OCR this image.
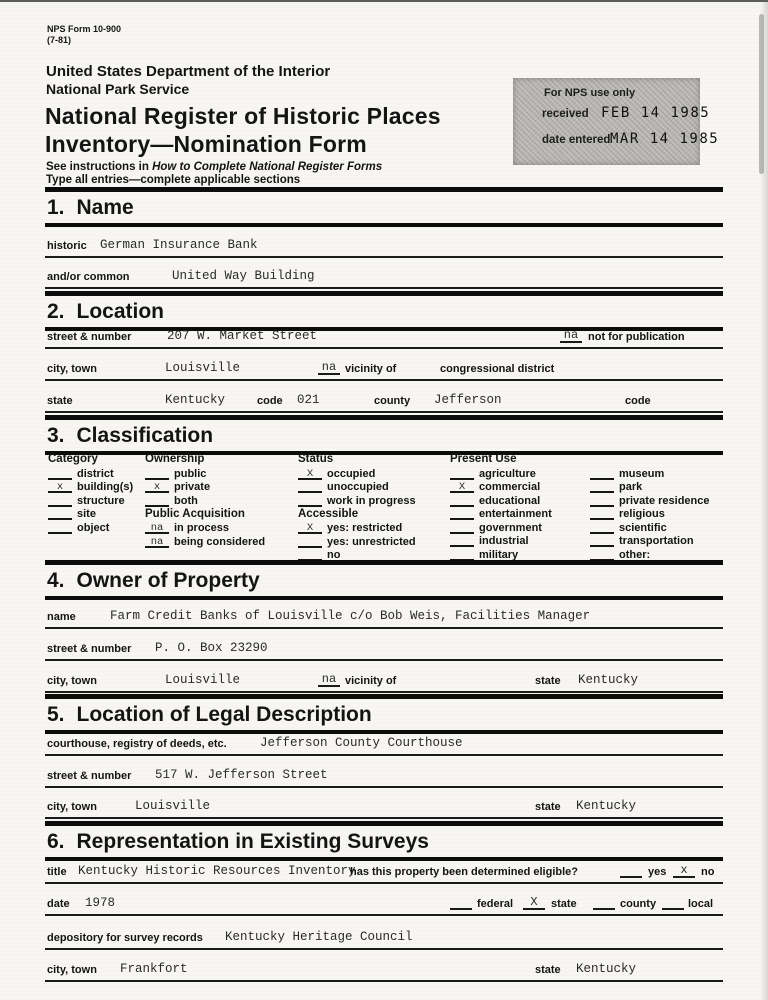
NPS Form 10-900
(7-81)
United States Department of the Interior
National Park Service
National Register of Historic Places
Inventory—Nomination Form
See instructions in How to Complete National Register Forms
Type all entries—complete applicable sections
For NPS use only
received FEB 14 1985
date entered MAR 14 1985
1. Name
historic German Insurance Bank
and/or common	United Way Building
2. Location
street & number	207 W. Market Street	na not for publication
city, town	Louisville	na vicinity of	congressional district
state	Kentucky	code 021	county Jefferson	code
3. Classification
Category
district
x	building(s)
structure
site
object
Ownership
public
x	private
both
Public Acquisition
na in process
na being considered
Status
X	occupied
unoccupied
work in progress
Accessible
X	yes: restricted
yes: unrestricted
no
Present Use
agriculture
X	commercial
educational
entertainment
government
industrial
military
museum
park
private residence
religious
scientific
transportation
other:
4. Owner of Property
name	Farm Credit Banks of Louisville c/o Bob Weis, Facilities Manager
street & number P. O. Box 23290
city, town	Louisville	na vicinity of	state Kentucky
5. Location of Legal Description
courthouse, registry of deeds, etc.	Jefferson County Courthouse
street & number 517 W. Jefferson Street
city, town	Louisville	state Kentucky
6. Representation in Existing Surveys
title Kentucky Historic Resources Inventory
has this property been determined eligible?	yes	x	no
date 1978	federal	X	state	county	local
depository for survey records Kentucky Heritage Council
city, town Frankfort	state Kentucky
